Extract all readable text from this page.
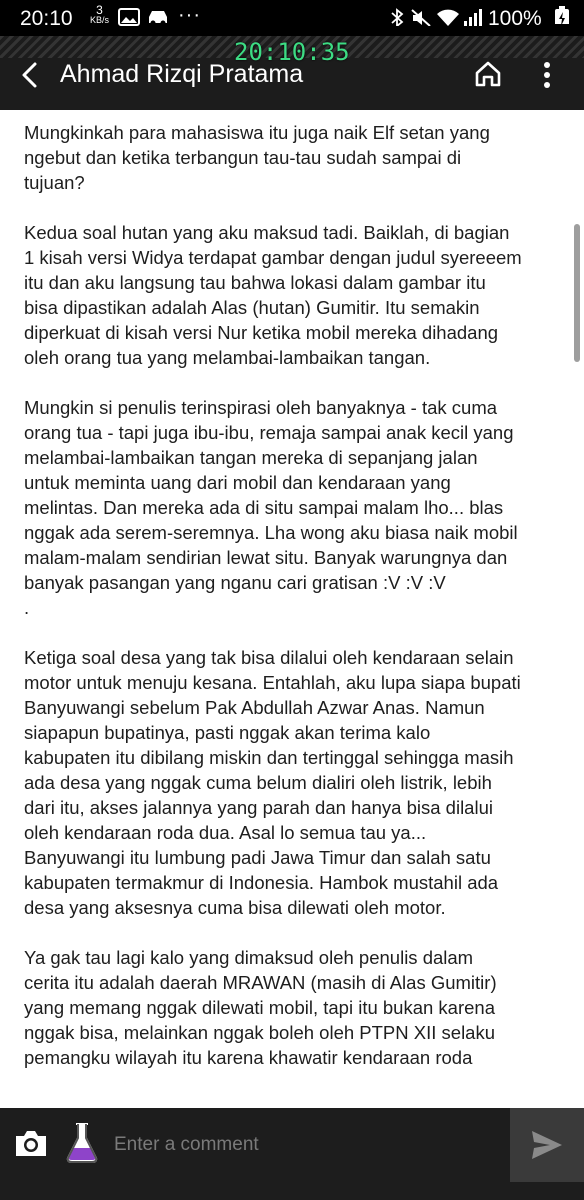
20:10	3
KB/s	···	100%
Ahmad Rizqi Pratama
20:10:35

Mungkinkah para mahasiswa itu juga naik Elf setan yang
ngebut dan ketika terbangun tau-tau sudah sampai di
tujuan?

Kedua soal hutan yang aku maksud tadi. Baiklah, di bagian
1 kisah versi Widya terdapat gambar dengan judul syereeem
itu dan aku langsung tau bahwa lokasi dalam gambar itu
bisa dipastikan adalah Alas (hutan) Gumitir. Itu semakin
diperkuat di kisah versi Nur ketika mobil mereka dihadang
oleh orang tua yang melambai-lambaikan tangan.

Mungkin si penulis terinspirasi oleh banyaknya - tak cuma
orang tua - tapi juga ibu-ibu, remaja sampai anak kecil yang
melambai-lambaikan tangan mereka di sepanjang jalan
untuk meminta uang dari mobil dan kendaraan yang
melintas. Dan mereka ada di situ sampai malam lho... blas
nggak ada serem-seremnya. Lha wong aku biasa naik mobil
malam-malam sendirian lewat situ. Banyak warungnya dan
banyak pasangan yang nganu cari gratisan :V :V :V
.

Ketiga soal desa yang tak bisa dilalui oleh kendaraan selain
motor untuk menuju kesana. Entahlah, aku lupa siapa bupati
Banyuwangi sebelum Pak Abdullah Azwar Anas. Namun
siapapun bupatinya, pasti nggak akan terima kalo
kabupaten itu dibilang miskin dan tertinggal sehingga masih
ada desa yang nggak cuma belum dialiri oleh listrik, lebih
dari itu, akses jalannya yang parah dan hanya bisa dilalui
oleh kendaraan roda dua. Asal lo semua tau ya...
Banyuwangi itu lumbung padi Jawa Timur dan salah satu
kabupaten termakmur di Indonesia. Hambok mustahil ada
desa yang aksesnya cuma bisa dilewati oleh motor.

Ya gak tau lagi kalo yang dimaksud oleh penulis dalam
cerita itu adalah daerah MRAWAN (masih di Alas Gumitir)
yang memang nggak dilewati mobil, tapi itu bukan karena
nggak bisa, melainkan nggak boleh oleh PTPN XII selaku
pemangku wilayah itu karena khawatir kendaraan roda

Enter a comment
